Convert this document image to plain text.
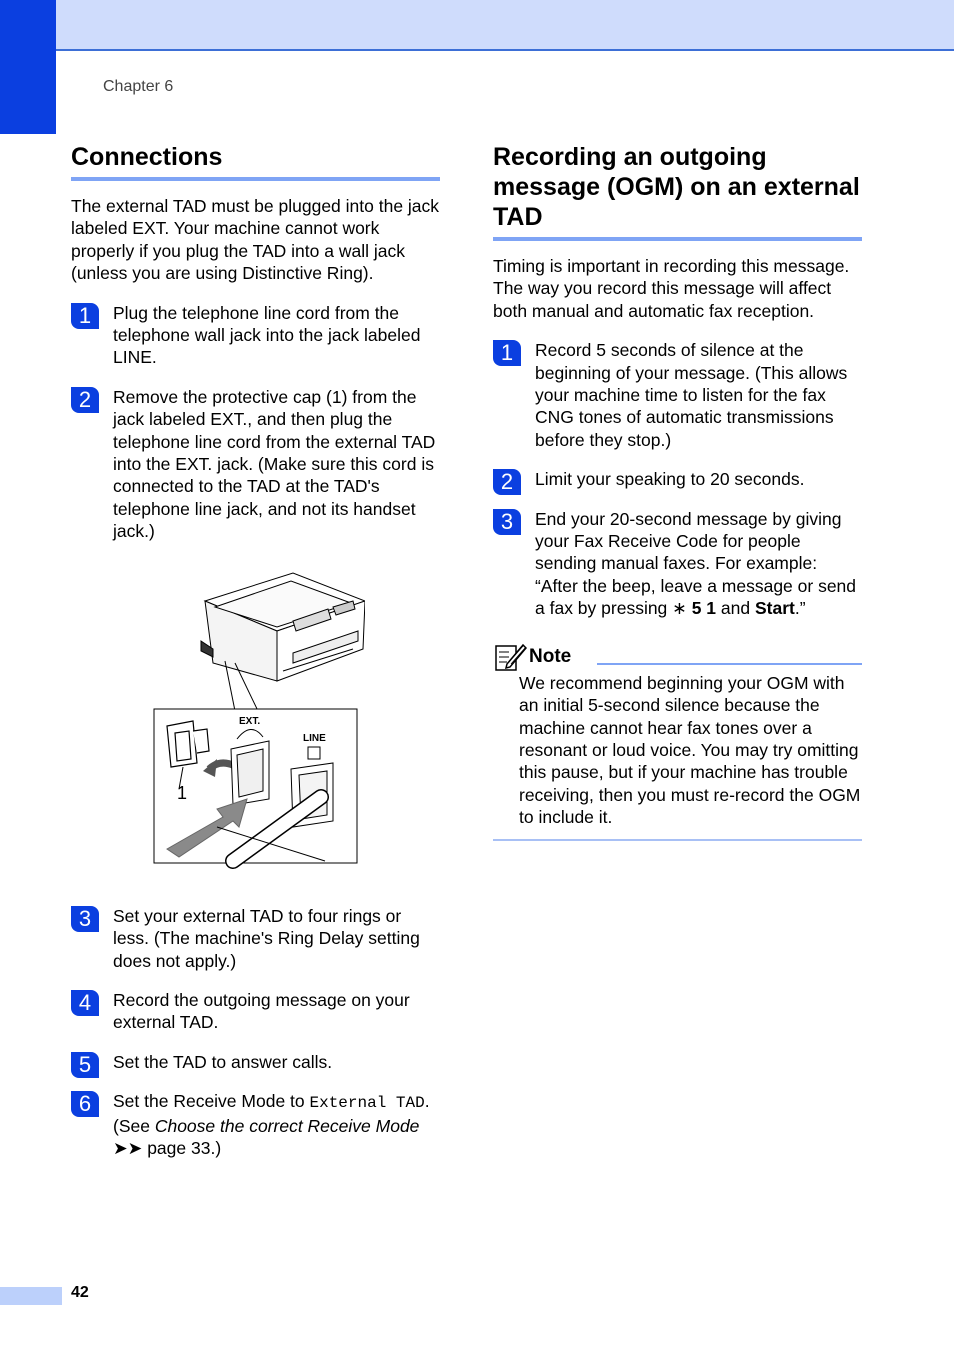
Chapter 6
Connections

The external TAD must be plugged into the jack labeled EXT. Your machine cannot work properly if you plug the TAD into a wall jack (unless you are using Distinctive Ring).

1	Plug the telephone line cord from the telephone wall jack into the jack labeled LINE.
2	Remove the protective cap (1) from the jack labeled EXT., and then plug the telephone line cord from the external TAD into the EXT. jack. (Make sure this cord is connected to the TAD at the TAD's telephone line jack, and not its handset jack.)
1
EXT.
LINE
3	Set your external TAD to four rings or less. (The machine's Ring Delay setting does not apply.)
4	Record the outgoing message on your external TAD.
5	Set the TAD to answer calls.
6	Set the Receive Mode to External TAD. (See Choose the correct Receive Mode ➤➤ page 33.)
Recording an outgoing message (OGM) on an external TAD

Timing is important in recording this message. The way you record this message will affect both manual and automatic fax reception.

1	Record 5 seconds of silence at the beginning of your message. (This allows your machine time to listen for the fax CNG tones of automatic transmissions before they stop.)
2	Limit your speaking to 20 seconds.
3	End your 20-second message by giving your Fax Receive Code for people sending manual faxes. For example: “After the beep, leave a message or send a fax by pressing ∗ 5 1 and Start.”
Note

We recommend beginning your OGM with an initial 5-second silence because the machine cannot hear fax tones over a resonant or loud voice. You may try omitting this pause, but if your machine has trouble receiving, then you must re-record the OGM to include it.

42
